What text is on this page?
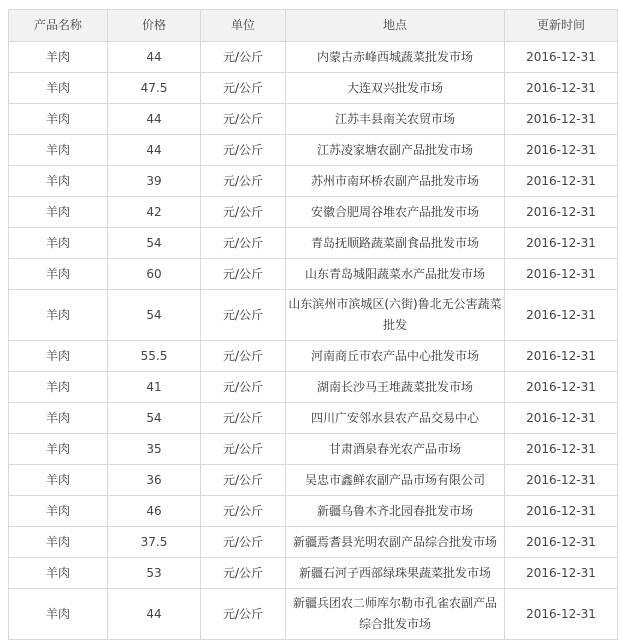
产品名称	价格	单位	地点	更新时间
羊肉	44	元/公斤	内蒙古赤峰西城蔬菜批发市场	2016-12-31
羊肉	47.5	元/公斤	大连双兴批发市场	2016-12-31
羊肉	44	元/公斤	江苏丰县南关农贸市场	2016-12-31
羊肉	44	元/公斤	江苏凌家塘农副产品批发市场	2016-12-31
羊肉	39	元/公斤	苏州市南环桥农副产品批发市场	2016-12-31
羊肉	42	元/公斤	安徽合肥周谷堆农产品批发市场	2016-12-31
羊肉	54	元/公斤	青岛抚顺路蔬菜副食品批发市场	2016-12-31
羊肉	60	元/公斤	山东青岛城阳蔬菜水产品批发市场	2016-12-31
羊肉	54	元/公斤	山东滨州市滨城区(六街)鲁北无公害蔬菜批发	2016-12-31
羊肉	55.5	元/公斤	河南商丘市农产品中心批发市场	2016-12-31
羊肉	41	元/公斤	湖南长沙马王堆蔬菜批发市场	2016-12-31
羊肉	54	元/公斤	四川广安邻水县农产品交易中心	2016-12-31
羊肉	35	元/公斤	甘肃酒泉春光农产品市场	2016-12-31
羊肉	36	元/公斤	吴忠市鑫鲜农副产品市场有限公司	2016-12-31
羊肉	46	元/公斤	新疆乌鲁木齐北园春批发市场	2016-12-31
羊肉	37.5	元/公斤	新疆焉耆县光明农副产品综合批发市场	2016-12-31
羊肉	53	元/公斤	新疆石河子西部绿珠果蔬菜批发市场	2016-12-31
羊肉	44	元/公斤	新疆兵团农二师库尔勒市孔雀农副产品综合批发市场	2016-12-31
